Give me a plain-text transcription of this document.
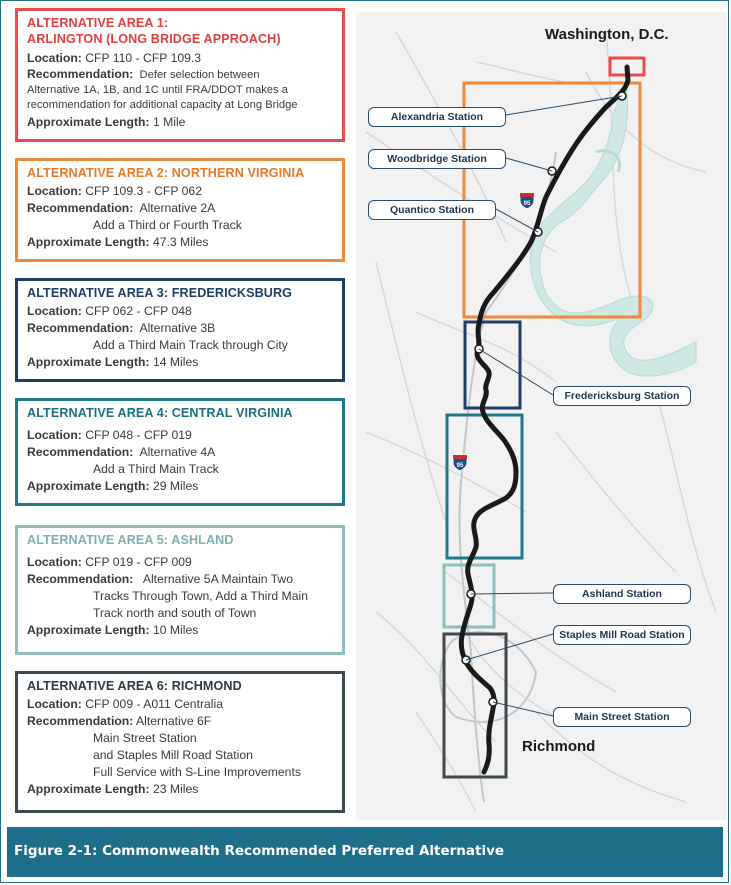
95
95
Washington, D.C.
Richmond
Alexandria Station
Woodbridge Station
Quantico Station
Fredericksburg Station
Ashland Station
Staples Mill Road Station
Main Street Station
ALTERNATIVE AREA 1:
ARLINGTON (LONG BRIDGE APPROACH)
Location: CFP 110 - CFP 109.3
Recommendation: Defer selection between
Alternative 1A, 1B, and 1C until FRA/DDOT makes a
recommendation for additional capacity at Long Bridge
Approximate Length: 1 Mile
ALTERNATIVE AREA 2: NORTHERN VIRGINIA
Location: CFP 109.3 - CFP 062
Recommendation: Alternative 2A
Add a Third or Fourth Track
Approximate Length: 47.3 Miles
ALTERNATIVE AREA 3: FREDERICKSBURG
Location: CFP 062 - CFP 048
Recommendation: Alternative 3B
Add a Third Main Track through City
Approximate Length: 14 Miles
ALTERNATIVE AREA 4: CENTRAL VIRGINIA
Location: CFP 048 - CFP 019
Recommendation: Alternative 4A
Add a Third Main Track
Approximate Length: 29 Miles
ALTERNATIVE AREA 5: ASHLAND
Location: CFP 019 - CFP 009
Recommendation: Alternative 5A Maintain Two
Tracks Through Town, Add a Third Main
Track north and south of Town
Approximate Length: 10 Miles
ALTERNATIVE AREA 6: RICHMOND
Location: CFP 009 - A011 Centralia
Recommendation: Alternative 6F
Main Street Station
and Staples Mill Road Station
Full Service with S-Line Improvements
Approximate Length: 23 Miles
Figure 2-1: Commonwealth Recommended Preferred Alternative
